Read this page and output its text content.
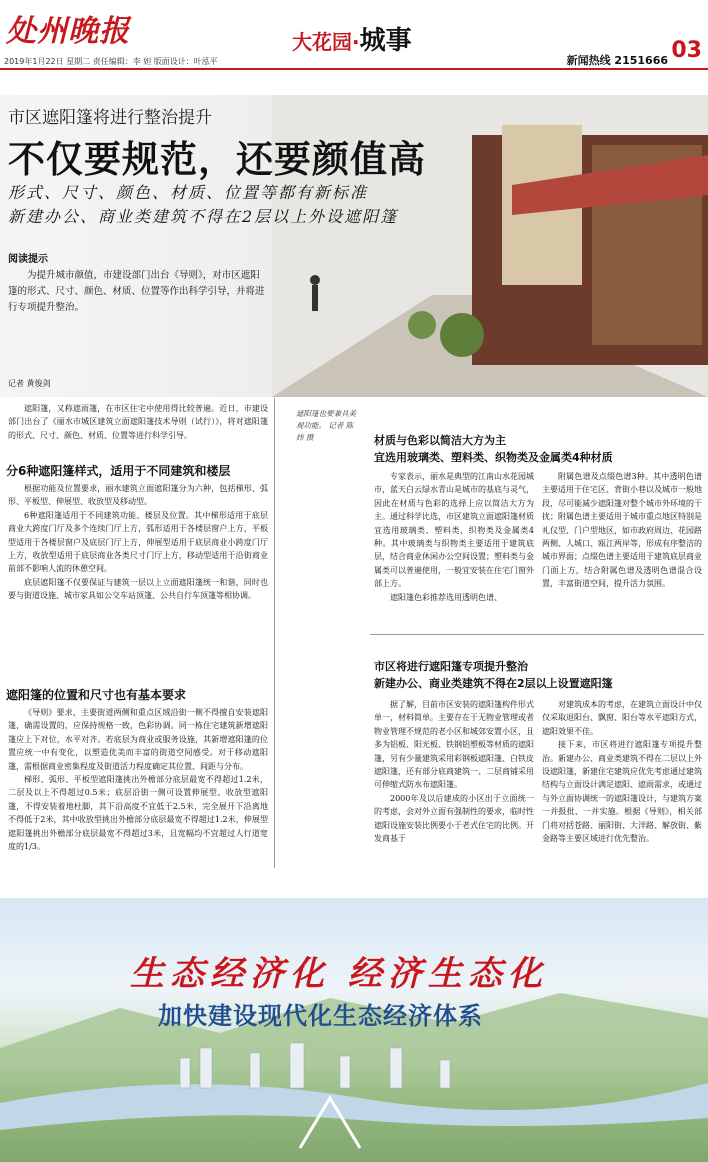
处州晚报	大花园·城事	03
2019年1月22日 星期二 责任编辑：李 妲 版面设计：叶泓平	新闻热线 2151666
市区遮阳篷将进行整治提升
不仅要规范，还要颜值高
形式、尺寸、颜色、材质、位置等都有新标准
新建办公、商业类建筑不得在2层以上外设遮阳篷
阅读提示
为提升城市颜值，市建设部门出台《导则》，对市区遮阳篷的形式、尺寸、颜色、材质、位置等作出科学引导，并将进行专项提升整治。
记者 黄俊剑
遮阳篷也要兼具美观功能。 记者 陈炜 摄

遮阳篷，又称遮雨篷，在市区住宅中使用得比较普遍。近日，市建设部门出台了《丽水市城区建筑立面遮阳篷技术导则（试行）》，将对遮阳篷的形式、尺寸、颜色、材质、位置等进行科学引导。

分6种遮阳篷样式，适用于不同建筑和楼层

根据功能及位置要求，丽水建筑立面遮阳篷分为六种，包括梯形、弧形、平板型、伸展型、收放型及移动型。

6种遮阳篷适用于不同建筑功能、楼层及位置。其中梯形适用于底层商业大跨度门厅及多个连续门厅上方，弧形适用于各楼层窗户上方，平板型适用于各楼层窗户及底层门厅上方，伸展型适用于底层商业小跨度门厅上方，收放型适用于底层商业各类尺寸门厅上方，移动型适用于沿街商业前部不影响人流的休憩空间。

底层遮阳篷不仅要保证与建筑一层以上立面遮阳篷统一和谐，同时也要与街道设施、城市家具如公交车站顶篷、公共自行车顶篷等相协调。

遮阳篷的位置和尺寸也有基本要求

《导则》要求，主要街道两侧和重点区域沿街一侧不得擅自安装遮阳篷，确需设置的，应保持规格一致，色彩协调。同一栋住宅建筑新增遮阳篷应上下对位，水平对齐。若底层为商业或服务设施，其新增遮阳篷的位置应统一中有变化，以塑造优美而丰富的街道空间感受。对于移动遮阳篷，需根据商业密集程度及街道活力程度确定其位置、间距与分布。

梯形、弧形、平板型遮阳篷挑出外檐部分底层最宽不得超过1.2米，二层及以上不得超过0.5米；底层沿街一侧可设置伸展型、收放型遮阳篷，不得安装着地杜脚，其下沿高度不宜低于2.5米，完全展开下沿离地不得低于2米，其中收放型挑出外檐部分底层最宽不得超过1.2米，伸展型遮阳篷挑出外檐部分底层最宽不得超过3米，且宽幅均不宜超过人行道宽度的1/3。

材质与色彩以简洁大方为主
宜选用玻璃类、塑料类、织物类及金属类4种材质

专家表示，丽水是典型的江南山水花园城市，蓝天白云绿水青山是城市的基底与灵气，因此在材质与色彩的选择上应以简洁大方为主。通过科学比选，市区建筑立面遮阳篷材质宜选用玻璃类、塑料类、织物类及金属类4种。其中玻璃类与织物类主要适用于建筑底层，结合商业休闲办公空间设置；塑料类与金属类可以普遍使用，一般宜安装在住宅门窗外部上方。

遮阳篷色彩推荐选用透明色谱、

附属色谱及点缀色谱3种。其中透明色谱主要适用于住宅区、背街小巷以及城市一般地段，尽可能减少遮阳篷对整个城市外环境的干扰；附属色谱主要适用于城市重点地区特别是礼仪型、门户型地区，如市政府周边、花园路两侧、人城口、瓯江两岸等，形成有序整洁的城市界面；点缀色谱主要适用于建筑底层商业门面上方，结合附属色谱及透明色谱混合设置，丰富街道空间，提升活力氛围。

市区将进行遮阳篷专项提升整治
新建办公、商业类建筑不得在2层以上设置遮阳篷

据了解，目前市区安装的遮阳篷构件形式单一，材料简单。主要存在于无物业管理或者物业管理不规范的老小区和城郊安置小区，且多为铝板、阳光板、铁钢铝塑板等材质的遮阳篷，另有少量建筑采用彩钢板遮阳篷、白铁皮遮阳篷，还有部分底商建筑一、二层商铺采用可伸缩式防水布遮阳篷。

2000年及以后建成的小区出于立面统一的考虑，会对外立面有强制性的要求，临时性遮阳设施安装比例要小于老式住宅的比例。开发商基于

对建筑成本的考虑，在建筑立面设计中仅仅采取退阳台、飘窗、阳台等水平遮阳方式，遮阳效果不佳。

接下来，市区将进行遮阳篷专项提升整治。新建办公、商业类建筑不得在二层以上外设遮阳篷，新建住宅建筑应优先考虑通过建筑结构与立面设计满足遮阳、遮雨需求，或通过与外立面协调统一的遮阳篷设计，与建筑方案一并报批、一并实施。根据《导则》，相关部门将对括苍路、丽阳街、大洋路、解放街、紫金路等主要区域进行优先整治。

生态经济化 经济生态化
加快建设现代化生态经济体系
